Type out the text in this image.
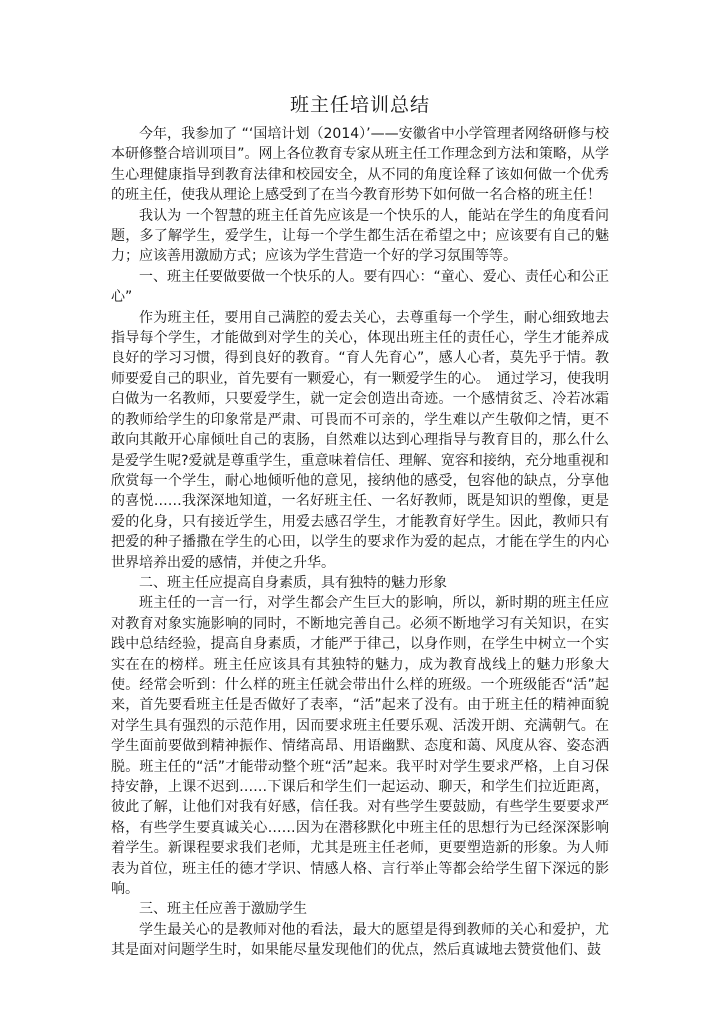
班主任培训总结

今年，我参加了 “‘国培计划（2014）’——安徽省中小学管理者网络研修与校本研修整合培训项目”。网上各位教育专家从班主任工作理念到方法和策略，从学生心理健康指导到教育法律和校园安全，从不同的角度诠释了该如何做一个优秀的班主任，使我从理论上感受到了在当今教育形势下如何做一名合格的班主任！

我认为 一个智慧的班主任首先应该是一个快乐的人，能站在学生的角度看问题，多了解学生，爱学生，让每一个学生都生活在希望之中；应该要有自己的魅力；应该善用激励方式；应该为学生营造一个好的学习氛围等等。

一、班主任要做要做一个快乐的人。要有四心：“童心、爱心、责任心和公正心”

作为班主任，要用自己满腔的爱去关心，去尊重每一个学生，耐心细致地去指导每个学生，才能做到对学生的关心，体现出班主任的责任心，学生才能养成良好的学习习惯，得到良好的教育。“育人先育心”，感人心者，莫先乎于情。教师要爱自己的职业，首先要有一颗爱心，有一颗爱学生的心。　通过学习，使我明白做为一名教师，只要爱学生，就一定会创造出奇迹。一个感情贫乏、冷若冰霜的教师给学生的印象常是严肃、可畏而不可亲的，学生难以产生敬仰之情，更不敢向其敞开心扉倾吐自己的衷肠，自然难以达到心理指导与教育目的，那么什么是爱学生呢?爱就是尊重学生，重意味着信任、理解、宽容和接纳，充分地重视和欣赏每一个学生，耐心地倾听他的意见，接纳他的感受，包容他的缺点，分享他的喜悦……我深深地知道，一名好班主任、一名好教师，既是知识的塑像，更是爱的化身，只有接近学生，用爱去感召学生，才能教育好学生。因此，教师只有把爱的种子播撒在学生的心田，以学生的要求作为爱的起点，才能在学生的内心世界培养出爱的感情，并使之升华。

二、班主任应提高自身素质，具有独特的魅力形象

班主任的一言一行，对学生都会产生巨大的影响，所以，新时期的班主任应对教育对象实施影响的同时，不断地完善自己。必须不断地学习有关知识，在实践中总结经验，提高自身素质，才能严于律己，以身作则，在学生中树立一个实实在在的榜样。班主任应该具有其独特的魅力，成为教育战线上的魅力形象大使。经常会听到：什么样的班主任就会带出什么样的班级。一个班级能否“活”起来，首先要看班主任是否做好了表率，“活”起来了没有。由于班主任的精神面貌对学生具有强烈的示范作用，因而要求班主任要乐观、活泼开朗、充满朝气。在学生面前要做到精神振作、情绪高昂、用语幽默、态度和蔼、风度从容、姿态洒脱。班主任的“活”才能带动整个班“活”起来。我平时对学生要求严格，上自习保持安静，上课不迟到……下课后和学生们一起运动、聊天，和学生们拉近距离，彼此了解，让他们对我有好感，信任我。对有些学生要鼓励，有些学生要要求严格，有些学生要真诚关心……因为在潜移默化中班主任的思想行为已经深深影响着学生。新课程要求我们老师，尤其是班主任老师，更要塑造新的形象。为人师表为首位，班主任的德才学识、情感人格、言行举止等都会给学生留下深远的影响。

三、班主任应善于激励学生

学生最关心的是教师对他的看法，最大的愿望是得到教师的关心和爱护，尤其是面对问题学生时，如果能尽量发现他们的优点，然后真诚地去赞赏他们、鼓
